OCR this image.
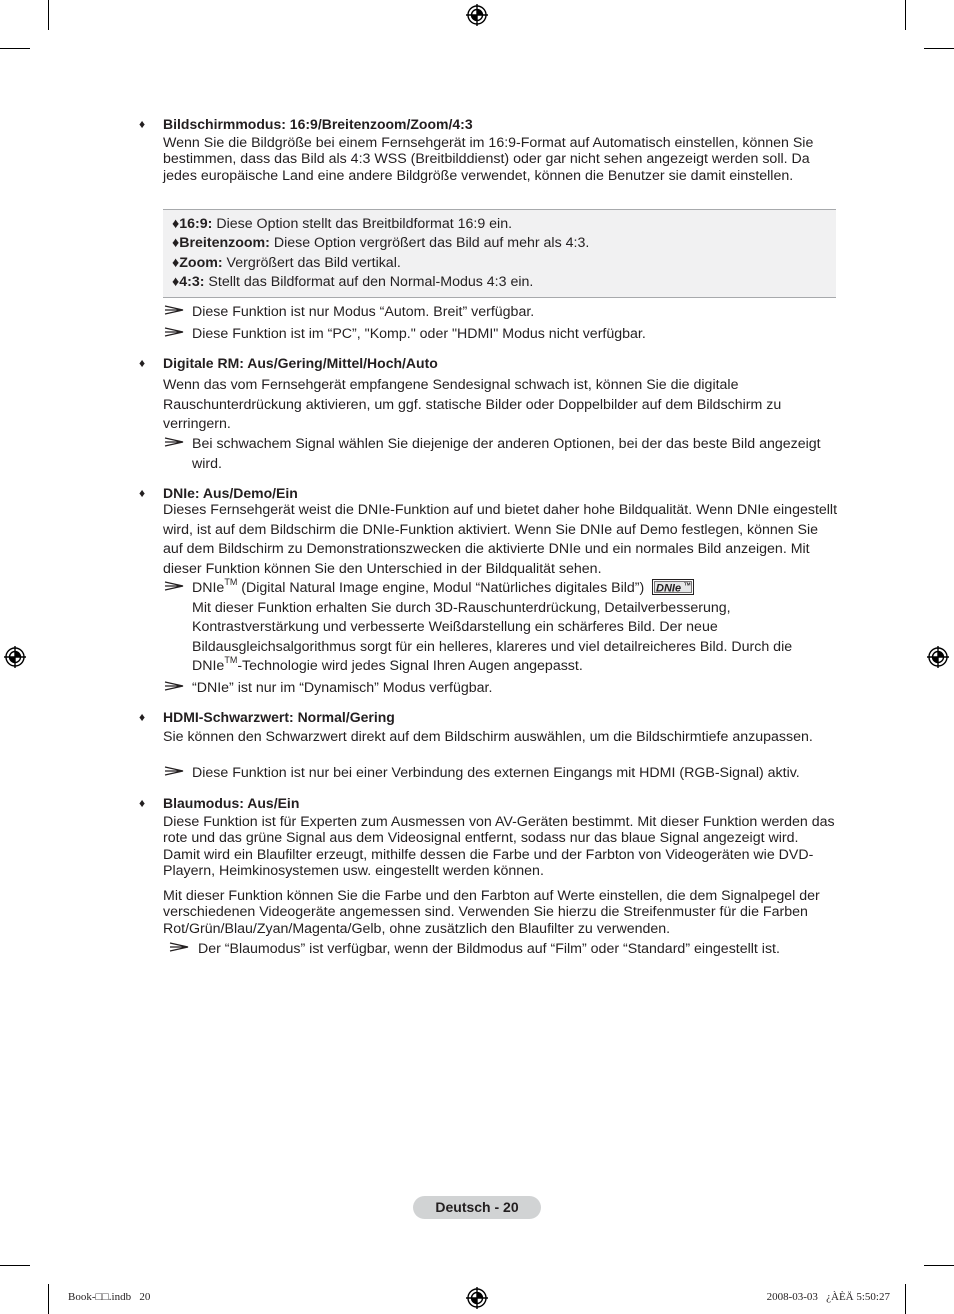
♦ Bildschirmmodus: 16:9/Breitenzoom/Zoom/4:3
Wenn Sie die Bildgröße bei einem Fernsehgerät im 16:9-Format auf Automatisch einstellen, können Sie bestimmen, dass das Bild als 4:3 WSS (Breitbilddienst) oder gar nicht sehen angezeigt werden soll. Da jedes europäische Land eine andere Bildgröße verwendet, können die Benutzer sie damit einstellen.
♦16:9: Diese Option stellt das Breitbildformat 16:9 ein.
♦Breitenzoom: Diese Option vergrößert das Bild auf mehr als 4:3.
♦Zoom: Vergrößert das Bild vertikal.
♦4:3: Stellt das Bildformat auf den Normal-Modus 4:3 ein.
Diese Funktion ist nur Modus “Autom. Breit” verfügbar.
Diese Funktion ist im “PC”, "Komp." oder "HDMI" Modus nicht verfügbar.
♦ Digitale RM: Aus/Gering/Mittel/Hoch/Auto
Wenn das vom Fernsehgerät empfangene Sendesignal schwach ist, können Sie die digitale Rauschunterdrückung aktivieren, um ggf. statische Bilder oder Doppelbilder auf dem Bildschirm zu verringern.
Bei schwachem Signal wählen Sie diejenige der anderen Optionen, bei der das beste Bild angezeigt wird.
♦ DNIe: Aus/Demo/Ein
Dieses Fernsehgerät weist die DNIe-Funktion auf und bietet daher hohe Bildqualität. Wenn DNIe eingestellt wird, ist auf dem Bildschirm die DNIe-Funktion aktiviert. Wenn Sie DNIe auf Demo festlegen, können Sie auf dem Bildschirm zu Demonstrationszwecken die aktivierte DNIe und ein normales Bild anzeigen. Mit dieser Funktion können Sie den Unterschied in der Bildqualität sehen.
DNIe™ (Digital Natural Image engine, Modul “Natürliches digitales Bild”) DNIe TM

Mit dieser Funktion erhalten Sie durch 3D-Rauschunterdrückung, Detailverbesserung, Kontrastverstärkung und verbesserte Weißdarstellung ein schärferes Bild. Der neue Bildausgleichsalgorithmus sorgt für ein helleres, klareres und viel detailreicheres Bild. Durch die DNIe™-Technologie wird jedes Signal Ihren Augen angepasst.
“DNIe” ist nur im “Dynamisch” Modus verfügbar.
♦ HDMI-Schwarzwert: Normal/Gering
Sie können den Schwarzwert direkt auf dem Bildschirm auswählen, um die Bildschirmtiefe anzupassen.
Diese Funktion ist nur bei einer Verbindung des externen Eingangs mit HDMI (RGB-Signal) aktiv.
♦ Blaumodus: Aus/Ein
Diese Funktion ist für Experten zum Ausmessen von AV-Geräten bestimmt. Mit dieser Funktion werden das rote und das grüne Signal aus dem Videosignal entfernt, sodass nur das blaue Signal angezeigt wird. Damit wird ein Blaufilter erzeugt, mithilfe dessen die Farbe und der Farbton von Videogeräten wie DVD-Playern, Heimkinosystemen usw. eingestellt werden können.
Mit dieser Funktion können Sie die Farbe und den Farbton auf Werte einstellen, die dem Signalpegel der verschiedenen Videogeräte angemessen sind. Verwenden Sie hierzu die Streifenmuster für die Farben Rot/Grün/Blau/Zyan/Magenta/Gelb, ohne zusätzlich den Blaufilter zu verwenden.
Der “Blaumodus” ist verfügbar, wenn der Bildmodus auf “Film” oder “Standard” eingestellt ist.
Deutsch - 20
Book-□□.indb   20	2008-03-03   ¿ÀÈÄ 5:50:27
